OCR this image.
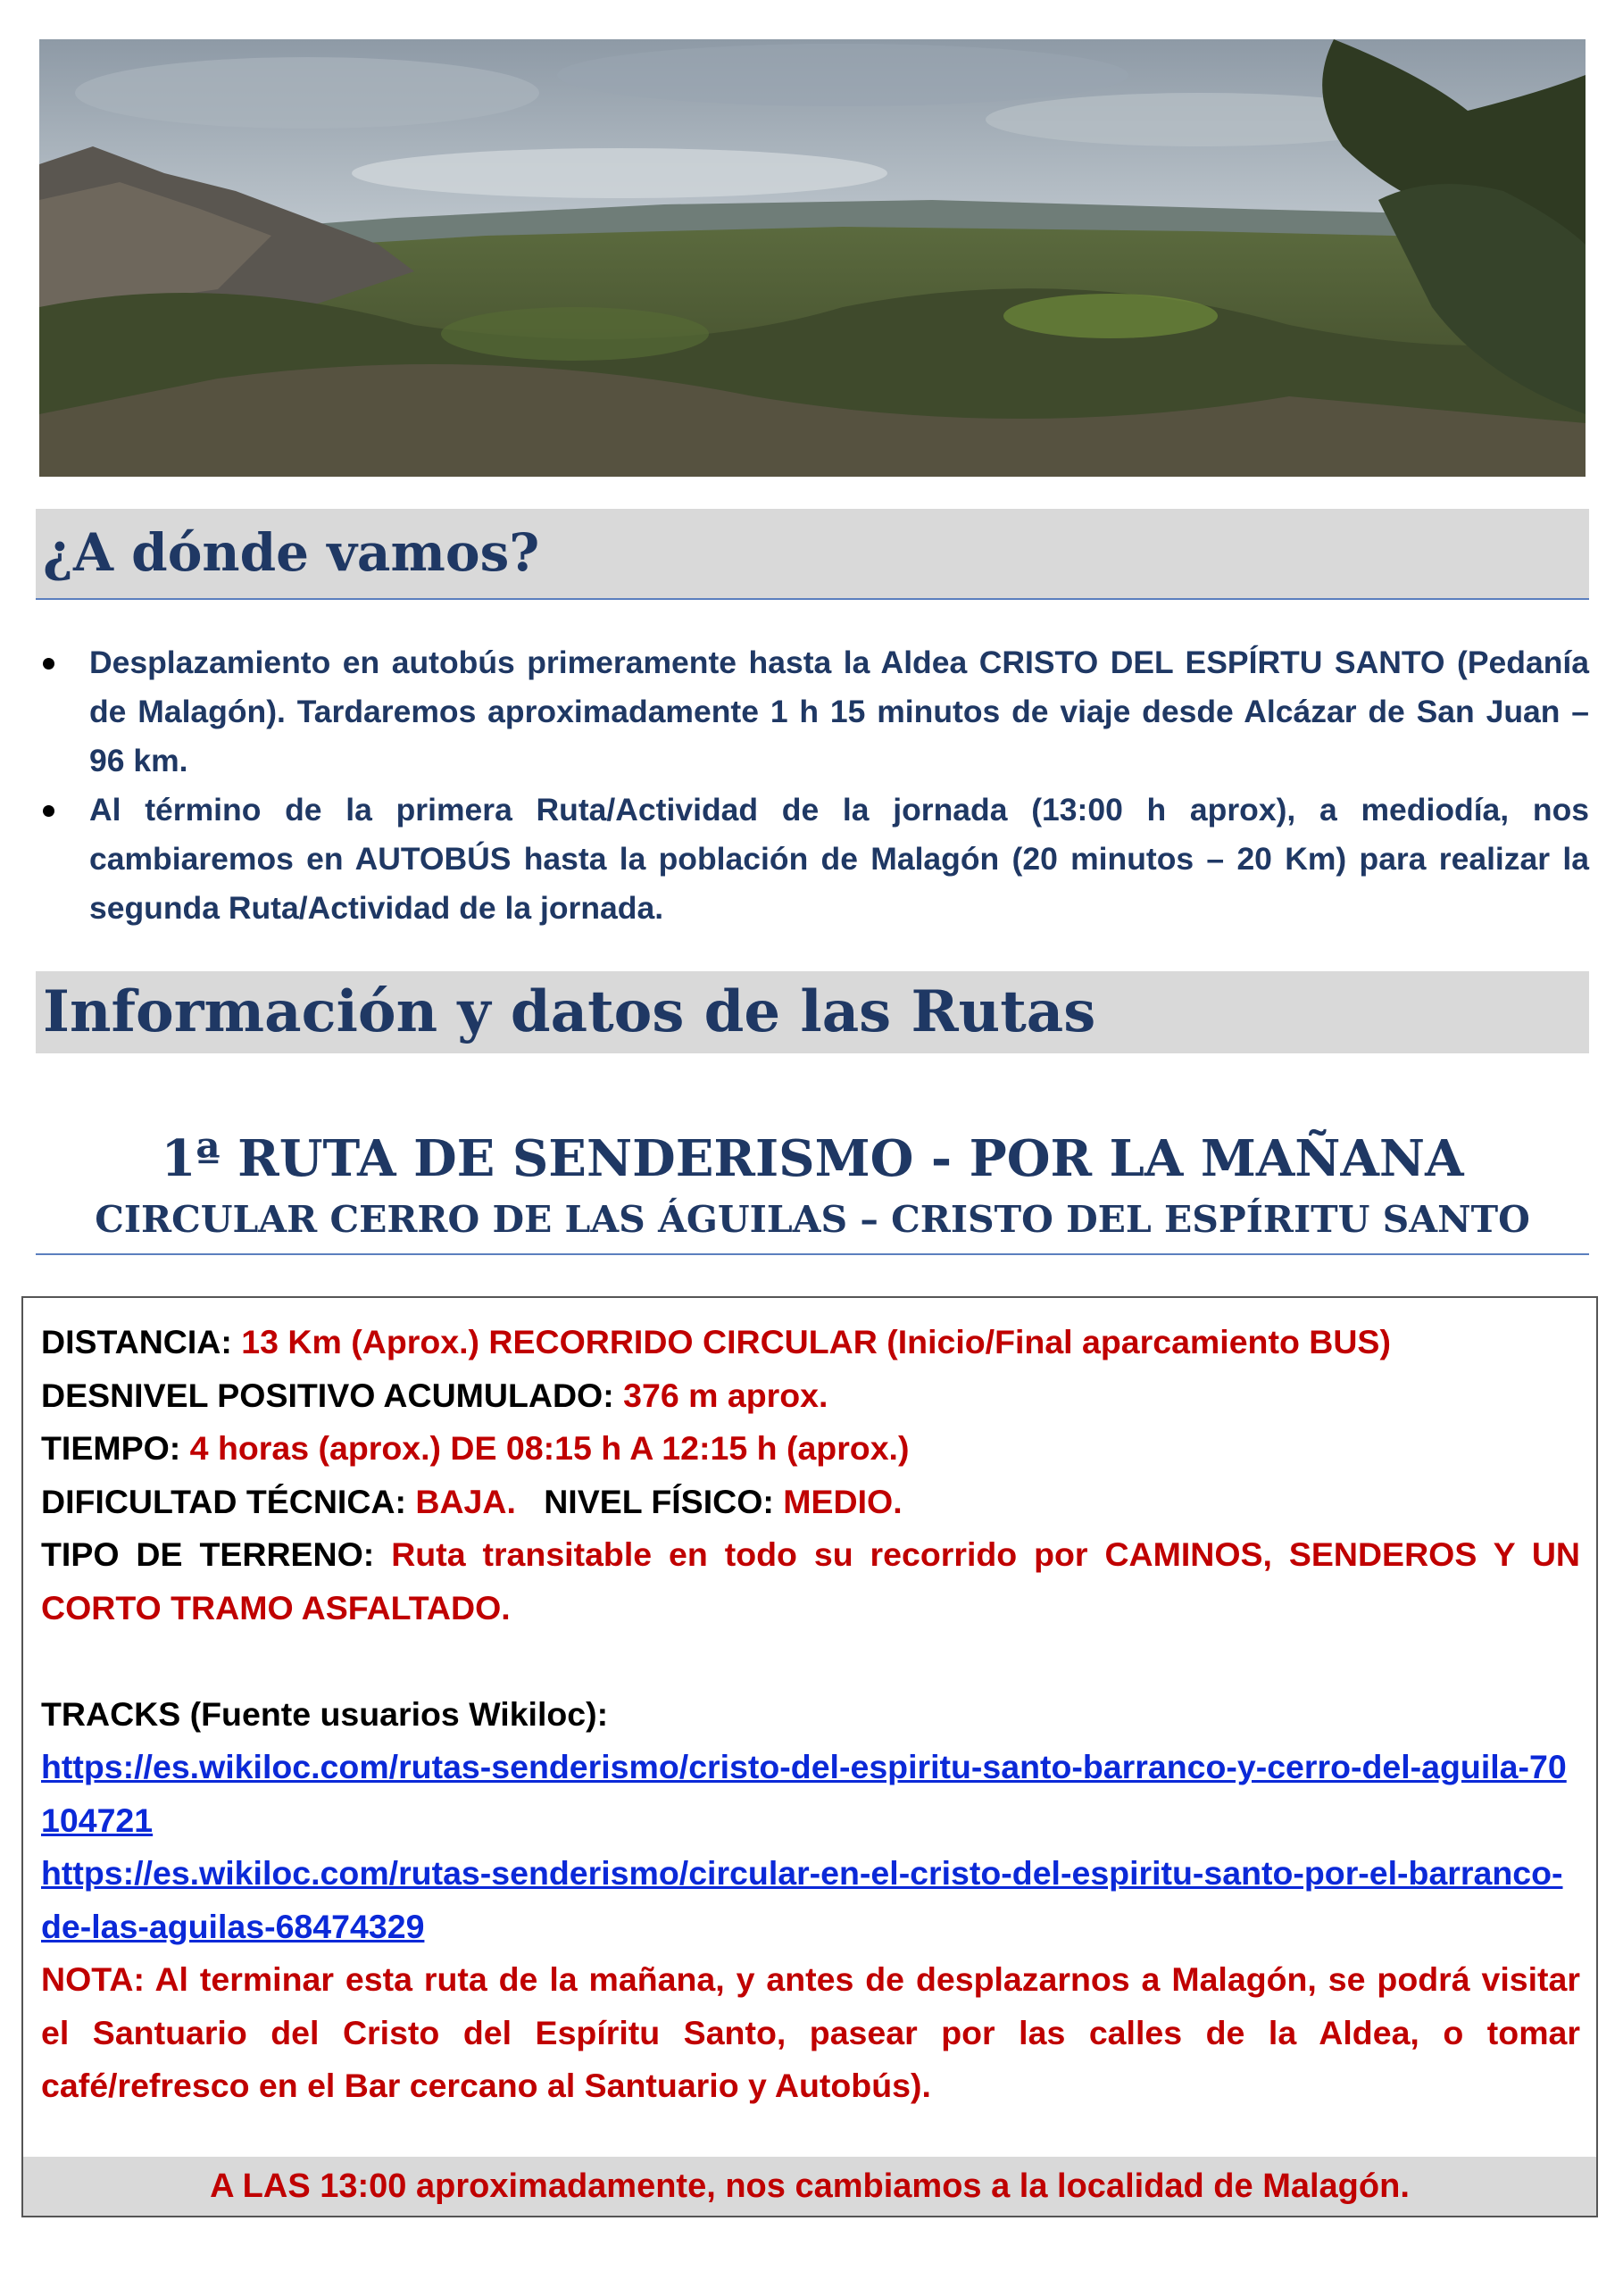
¿A dónde vamos?
Desplazamiento en autobús primeramente hasta la Aldea CRISTO DEL ESPÍRTU SANTO (Pedanía de Malagón). Tardaremos aproximadamente 1 h 15 minutos de viaje desde Alcázar de San Juan – 96 km.
Al término de la primera Ruta/Actividad de la jornada (13:00 h aprox), a mediodía, nos cambiaremos en AUTOBÚS hasta la población de Malagón (20 minutos – 20 Km) para realizar la segunda Ruta/Actividad de la jornada.
Información y datos de las Rutas
1ª RUTA DE SENDERISMO - POR LA MAÑANA
CIRCULAR CERRO DE LAS ÁGUILAS – CRISTO DEL ESPÍRITU SANTO

DISTANCIA: 13 Km (Aprox.) RECORRIDO CIRCULAR (Inicio/Final aparcamiento BUS)

DESNIVEL POSITIVO ACUMULADO: 376 m aprox.

TIEMPO: 4 horas (aprox.) DE 08:15 h A 12:15 h (aprox.)

DIFICULTAD TÉCNICA: BAJA. NIVEL FÍSICO: MEDIO.

TIPO DE TERRENO: Ruta transitable en todo su recorrido por CAMINOS, SENDEROS Y UN CORTO TRAMO ASFALTADO.

TRACKS (Fuente usuarios Wikiloc):

https://es.wikiloc.com/rutas-senderismo/cristo-del-espiritu-santo-barranco-y-cerro-del-aguila-70104721

https://es.wikiloc.com/rutas-senderismo/circular-en-el-cristo-del-espiritu-santo-por-el-barranco-de-las-aguilas-68474329

NOTA: Al terminar esta ruta de la mañana, y antes de desplazarnos a Malagón, se podrá visitar el Santuario del Cristo del Espíritu Santo, pasear por las calles de la Aldea, o tomar café/refresco en el Bar cercano al Santuario y Autobús).

A LAS 13:00 aproximadamente, nos cambiamos a la localidad de Malagón.
